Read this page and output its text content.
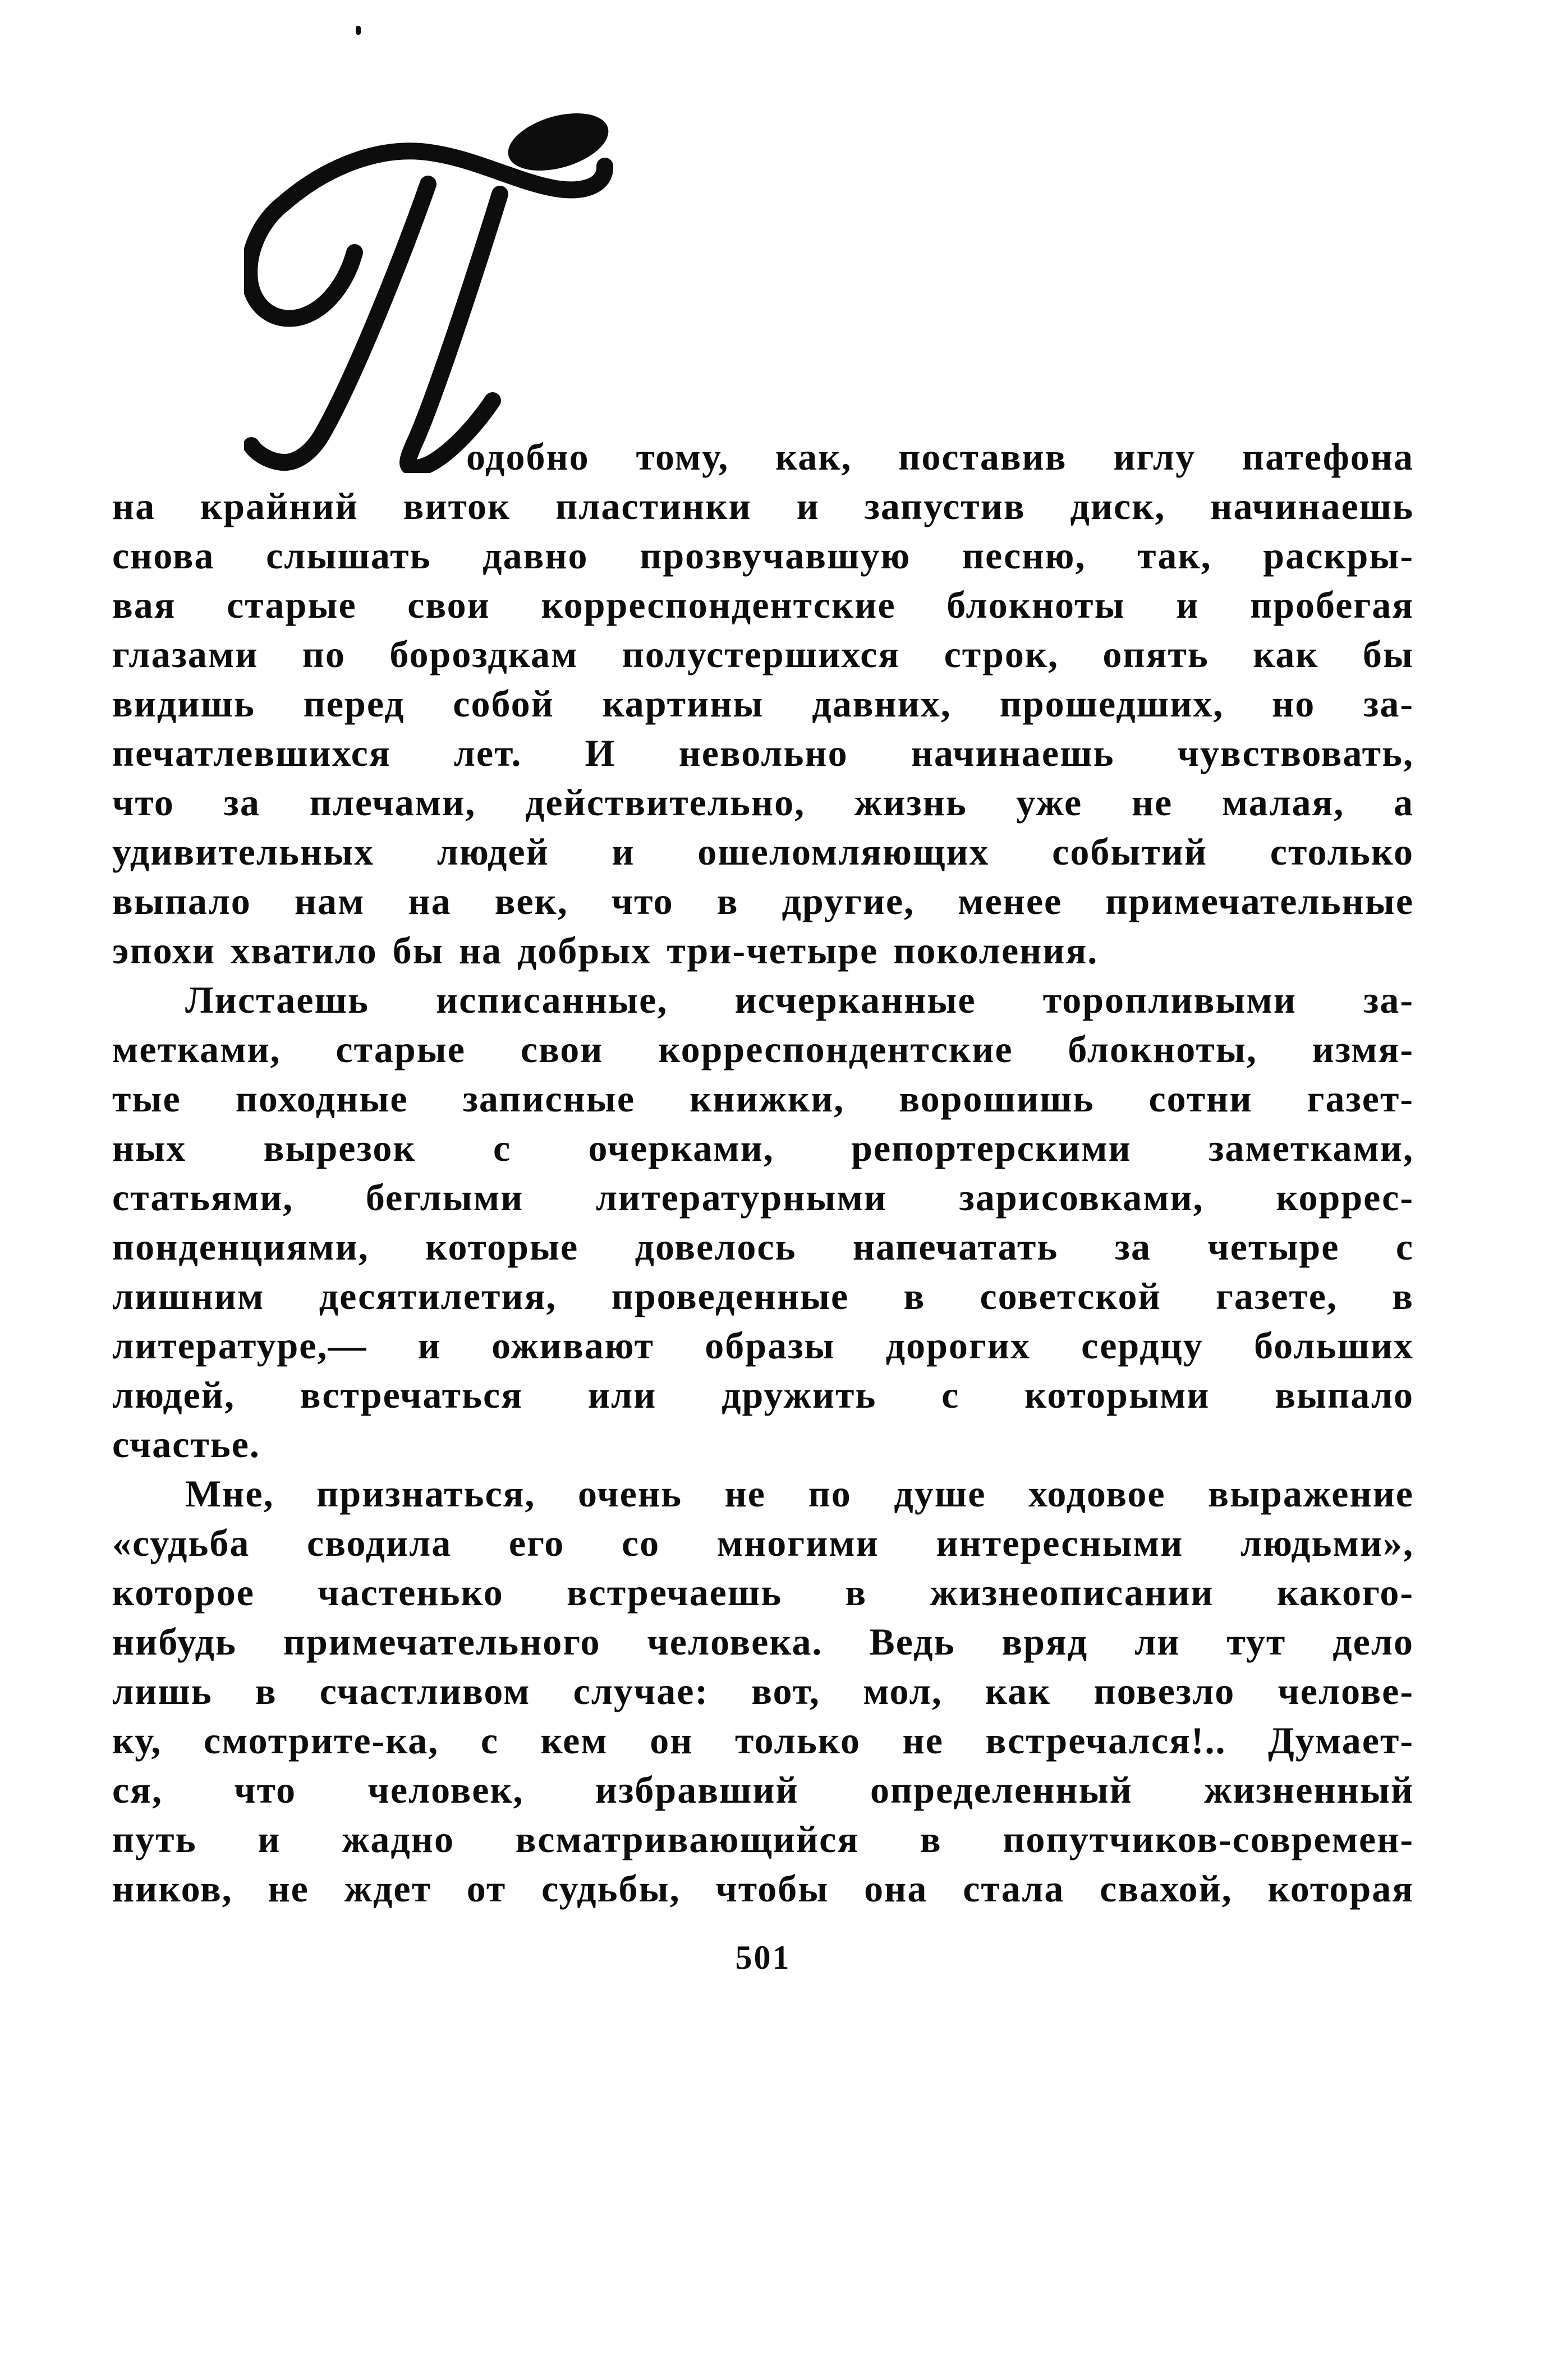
одобно тому, как, поставив иглу патефона
на крайний виток пластинки и запустив диск, начинаешь
снова слышать давно прозвучавшую песню, так, раскры-
вая старые свои корреспондентские блокноты и пробегая
глазами по бороздкам полустершихся строк, опять как бы
видишь перед собой картины давних, прошедших, но за-
печатлевшихся лет. И невольно начинаешь чувствовать,
что за плечами, действительно, жизнь уже не малая, а
удивительных людей и ошеломляющих событий столько
выпало нам на век, что в другие, менее примечательные
эпохи хватило бы на добрых три-четыре поколения.
Листаешь исписанные, исчерканные торопливыми за-
метками, старые свои корреспондентские блокноты, измя-
тые походные записные книжки, ворошишь сотни газет-
ных вырезок с очерками, репортерскими заметками,
статьями, беглыми литературными зарисовками, коррес-
понденциями, которые довелось напечатать за четыре с
лишним десятилетия, проведенные в советской газете, в
литературе,— и оживают образы дорогих сердцу больших
людей, встречаться или дружить с которыми выпало
счастье.
Мне, признаться, очень не по душе ходовое выражение
«судьба сводила его со многими интересными людьми»,
которое частенько встречаешь в жизнеописании какого-
нибудь примечательного человека. Ведь вряд ли тут дело
лишь в счастливом случае: вот, мол, как повезло челове-
ку, смотрите-ка, с кем он только не встречался!.. Думает-
ся, что человек, избравший определенный жизненный
путь и жадно всматривающийся в попутчиков-современ-
ников, не ждет от судьбы, чтобы она стала свахой, которая
501
